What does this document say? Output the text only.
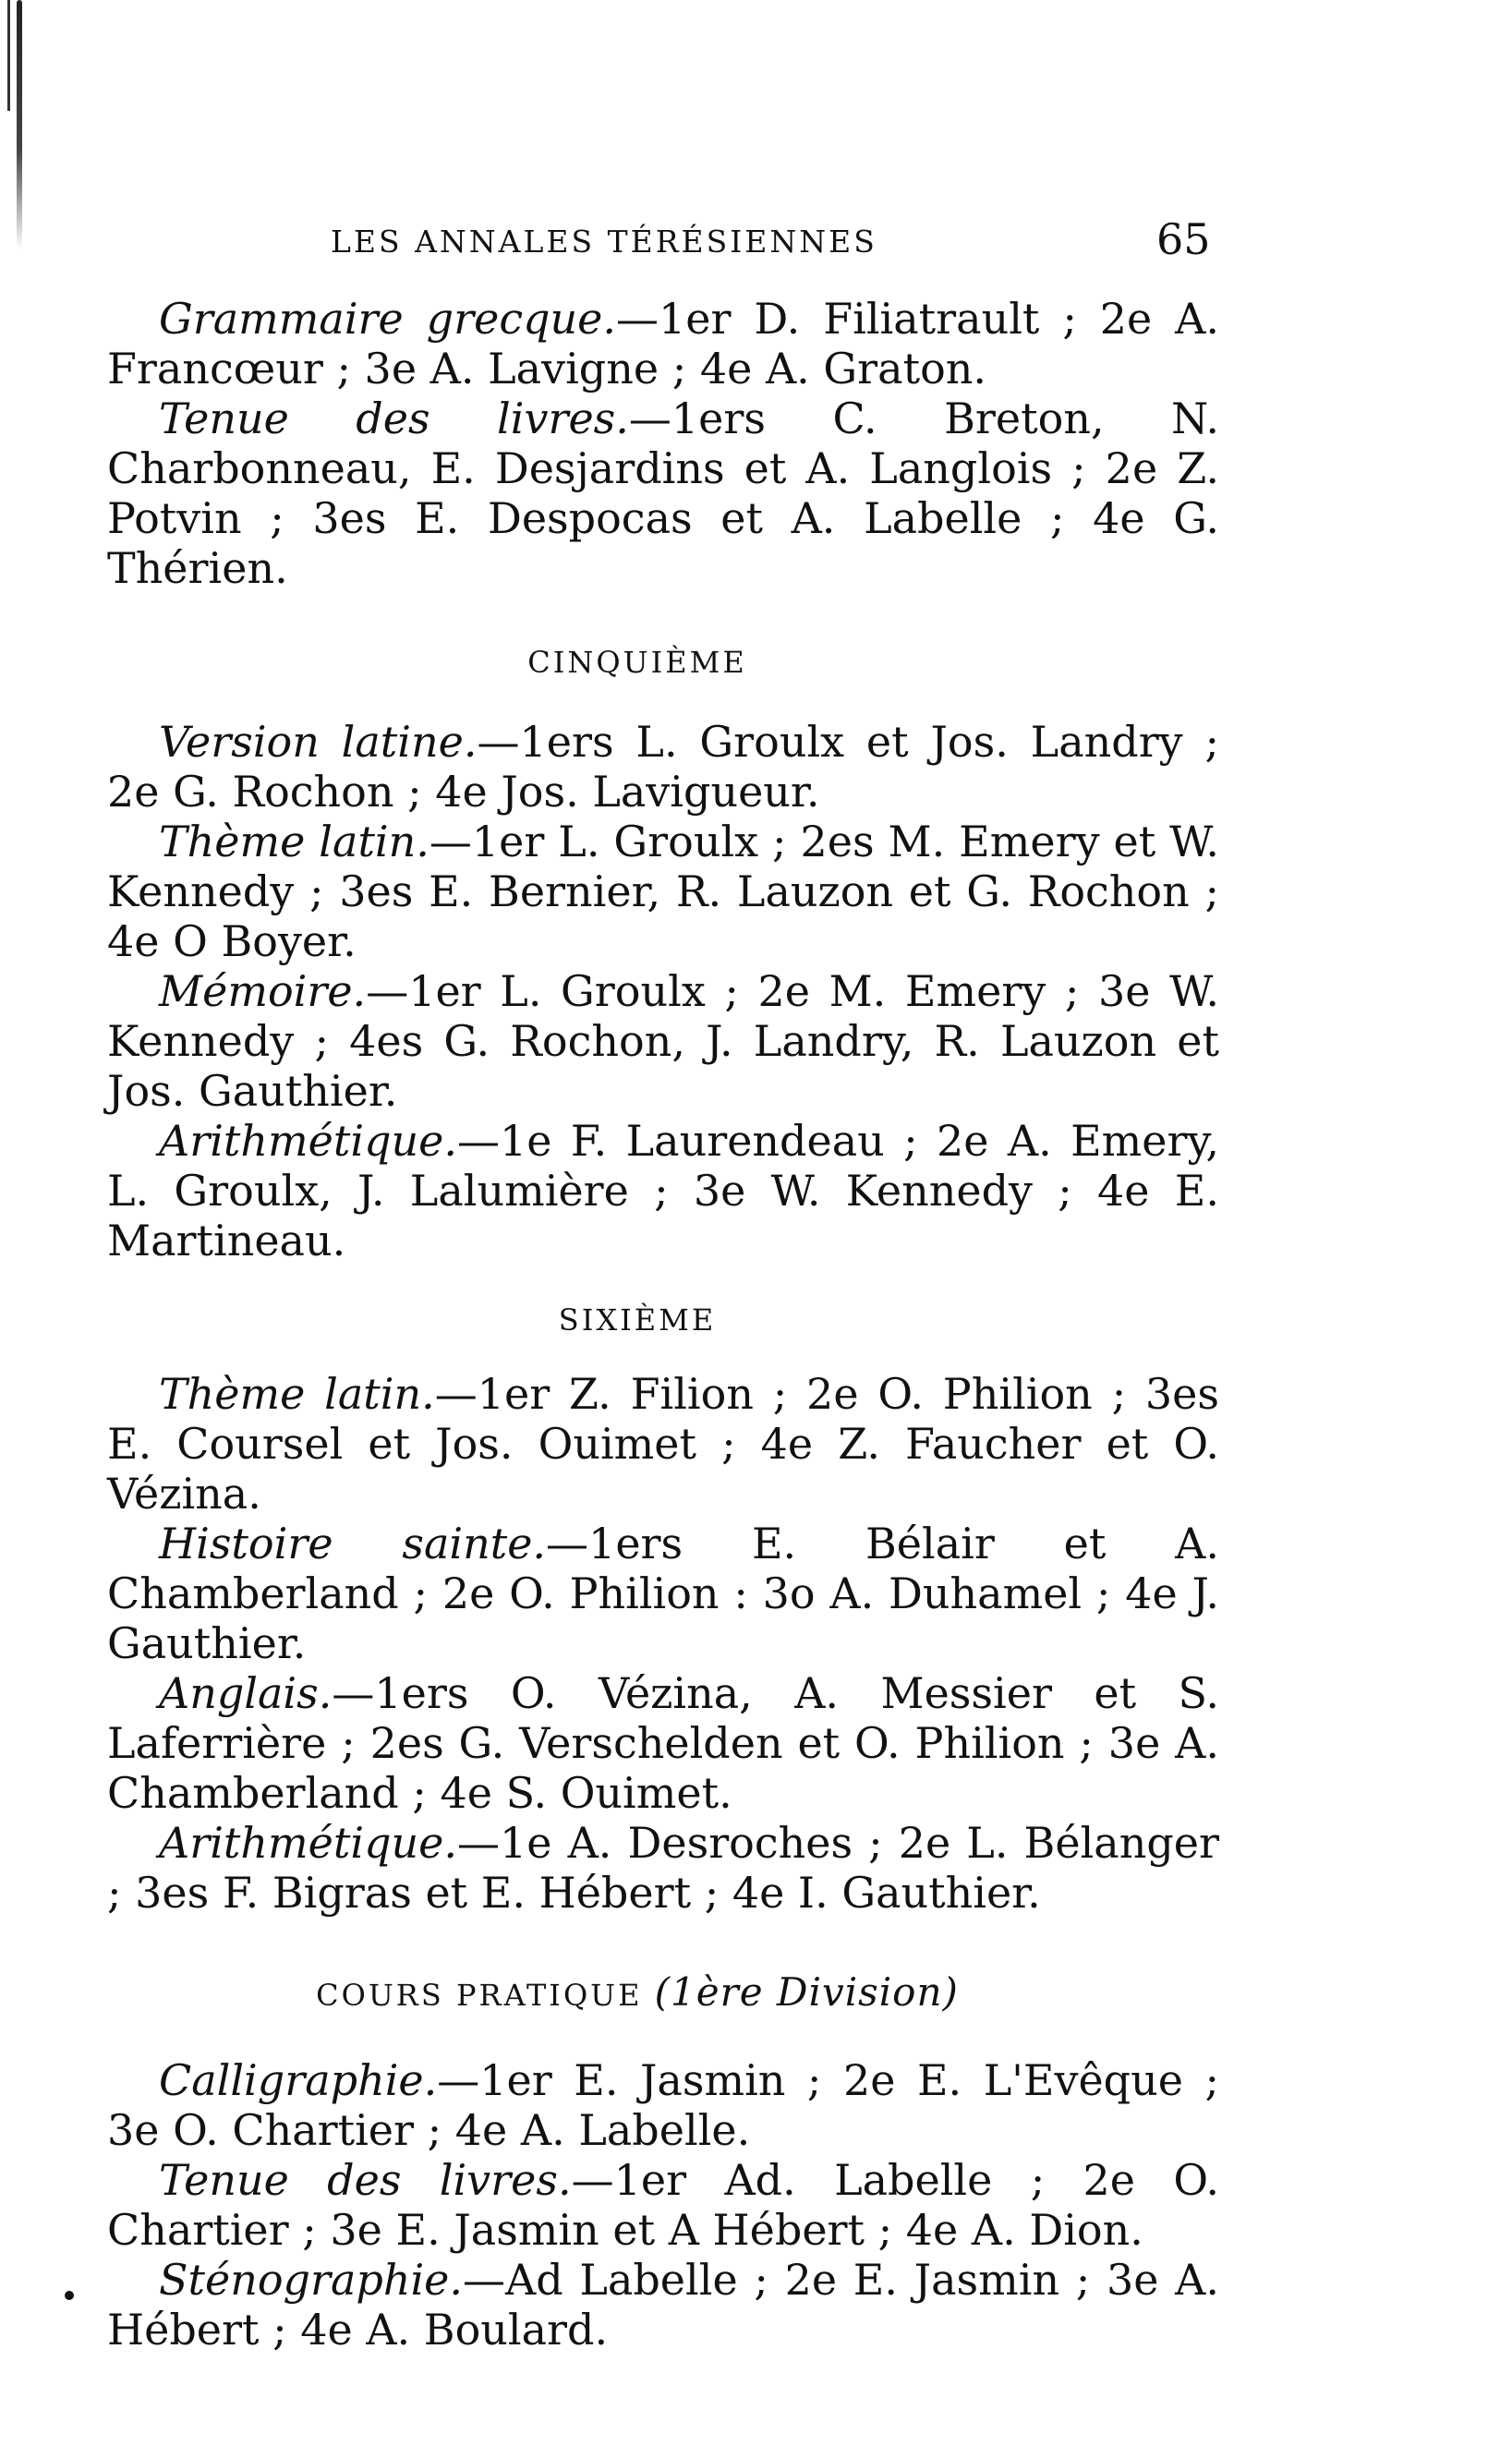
LES ANNALES TÉRÉSIENNES	65

Grammaire grecque.—1er D. Filiatrault ; 2e A. Francœur ; 3e A. Lavigne ; 4e A. Graton.

Tenue des livres.—1ers C. Breton, N. Charbonneau, E. Desjardins et A. Langlois ; 2e Z. Potvin ; 3es E. Despocas et A. Labelle ; 4e G. Thérien.

CINQUIÈME

Version latine.—1ers L. Groulx et Jos. Landry ; 2e G. Rochon ; 4e Jos. Lavigueur.

Thème latin.—1er L. Groulx ; 2es M. Emery et W. Kennedy ; 3es E. Bernier, R. Lauzon et G. Rochon ; 4e O Boyer.

Mémoire.—1er L. Groulx ; 2e M. Emery ; 3e W. Kennedy ; 4es G. Rochon, J. Landry, R. Lauzon et Jos. Gauthier.

Arithmétique.—1e F. Laurendeau ; 2e A. Emery, L. Groulx, J. Lalumière ; 3e W. Kennedy ; 4e E. Martineau.

SIXIÈME

Thème latin.—1er Z. Filion ; 2e O. Philion ; 3es E. Coursel et Jos. Ouimet ; 4e Z. Faucher et O. Vézina.

Histoire sainte.—1ers E. Bélair et A. Chamberland ; 2e O. Philion : 3o A. Duhamel ; 4e J. Gauthier.

Anglais.—1ers O. Vézina, A. Messier et S. Laferrière ; 2es G. Verschelden et O. Philion ; 3e A. Chamberland ; 4e S. Ouimet.

Arithmétique.—1e A. Desroches ; 2e L. Bélanger ; 3es F. Bigras et E. Hébert ; 4e I. Gauthier.

COURS PRATIQUE (1ère Division)

Calligraphie.—1er E. Jasmin ; 2e E. L'Evêque ; 3e O. Chartier ; 4e A. Labelle.

Tenue des livres.—1er Ad. Labelle ; 2e O. Chartier ; 3e E. Jasmin et A Hébert ; 4e A. Dion.

Sténographie.—Ad Labelle ; 2e E. Jasmin ; 3e A. Hébert ; 4e A. Boulard.
